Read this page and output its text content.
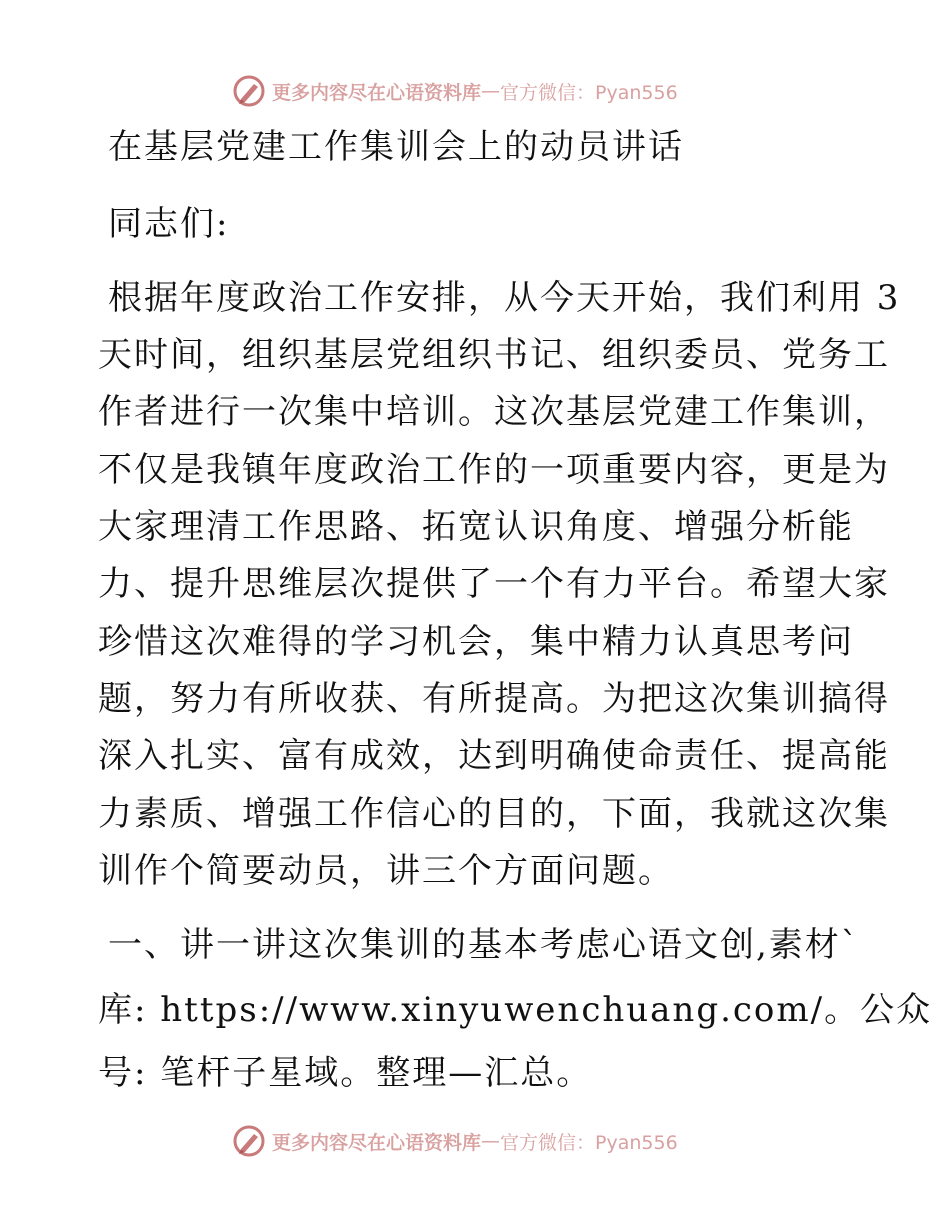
更多内容尽在心语资料库 — 官方微信：Pyan556
在基层党建工作集训会上的动员讲话
同志们:
根据年度政治工作安排，从今天开始，我们利用 3
天时间，组织基层党组织书记、组织委员、党务工
作者进行一次集中培训。这次基层党建工作集训，
不仅是我镇年度政治工作的一项重要内容，更是为
大家理清工作思路、拓宽认识角度、增强分析能
力、提升思维层次提供了一个有力平台。希望大家
珍惜这次难得的学习机会，集中精力认真思考问
题，努力有所收获、有所提高。为把这次集训搞得
深入扎实、富有成效，达到明确使命责任、提高能
力素质、增强工作信心的目的，下面，我就这次集
训作个简要动员，讲三个方面问题。
一、讲一讲这次集训的基本考虑心语文创,素材`
库: https://www.xinyuwenchuang.com/。公众
号: 笔杆子星域。整理—汇总。
更多内容尽在心语资料库 — 官方微信：Pyan556
